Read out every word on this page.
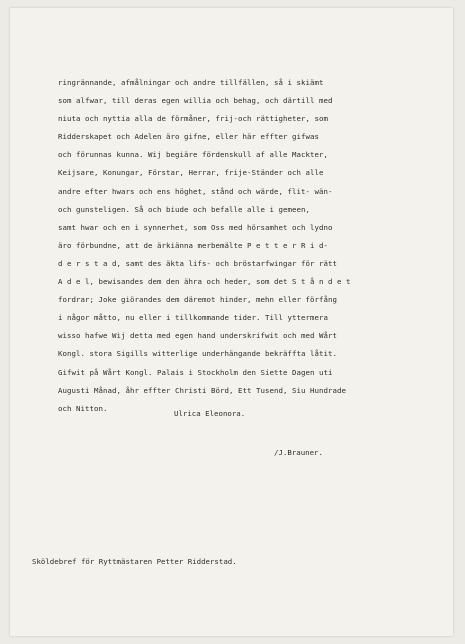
ringrännande, afmålningar och andre tillfällen, så i skiämt
som alfwar, till deras egen willia och behag, och därtill med
niuta och nyttia alla de förmåner, frij-och rättigheter, som
Ridderskapet och Adelen äro gifne, eller här effter gifwas
och förunnas kunna. Wij begiäre fördenskull af alle Mackter,
Keijsare, Konungar, Förstar, Herrar, frije-Ständer och alle
andre efter hwars och ens höghet, stånd och wärde, flit- wän-
och gunsteligen. Så och biude och befalle alle i gemeen,
samt hwar och en i synnerhet, som Oss med hörsamhet och lydno
äro förbundne, att de ärkiänna merbemälte P e t t e r R i d-
d e r s t a d, samt des äkta lifs- och bröstarfwingar för rätt
A d e l, bewisandes dem den ähra och heder, som det S t å n d e t
fordrar; Joke giörandes dem däremot hinder, mehn eller förfång
i någor måtto, nu eller i tillkommande tider. Till yttermera
wisso hafwe Wij detta med egen hand underskrifwit och med Wårt
Kongl. stora Sigills witterlige underhängande bekräffta låtit.
Gifwit på Wårt Kongl. Palais i Stockholm den Siette Dagen uti
Augusti Månad, åhr effter Christi Börd, Ett Tusend, Siu Hundrade
och Nitton.
Ulrica Eleonora.
/J.Brauner.
Sköldebref för Ryttmästaren Petter Ridderstad.
